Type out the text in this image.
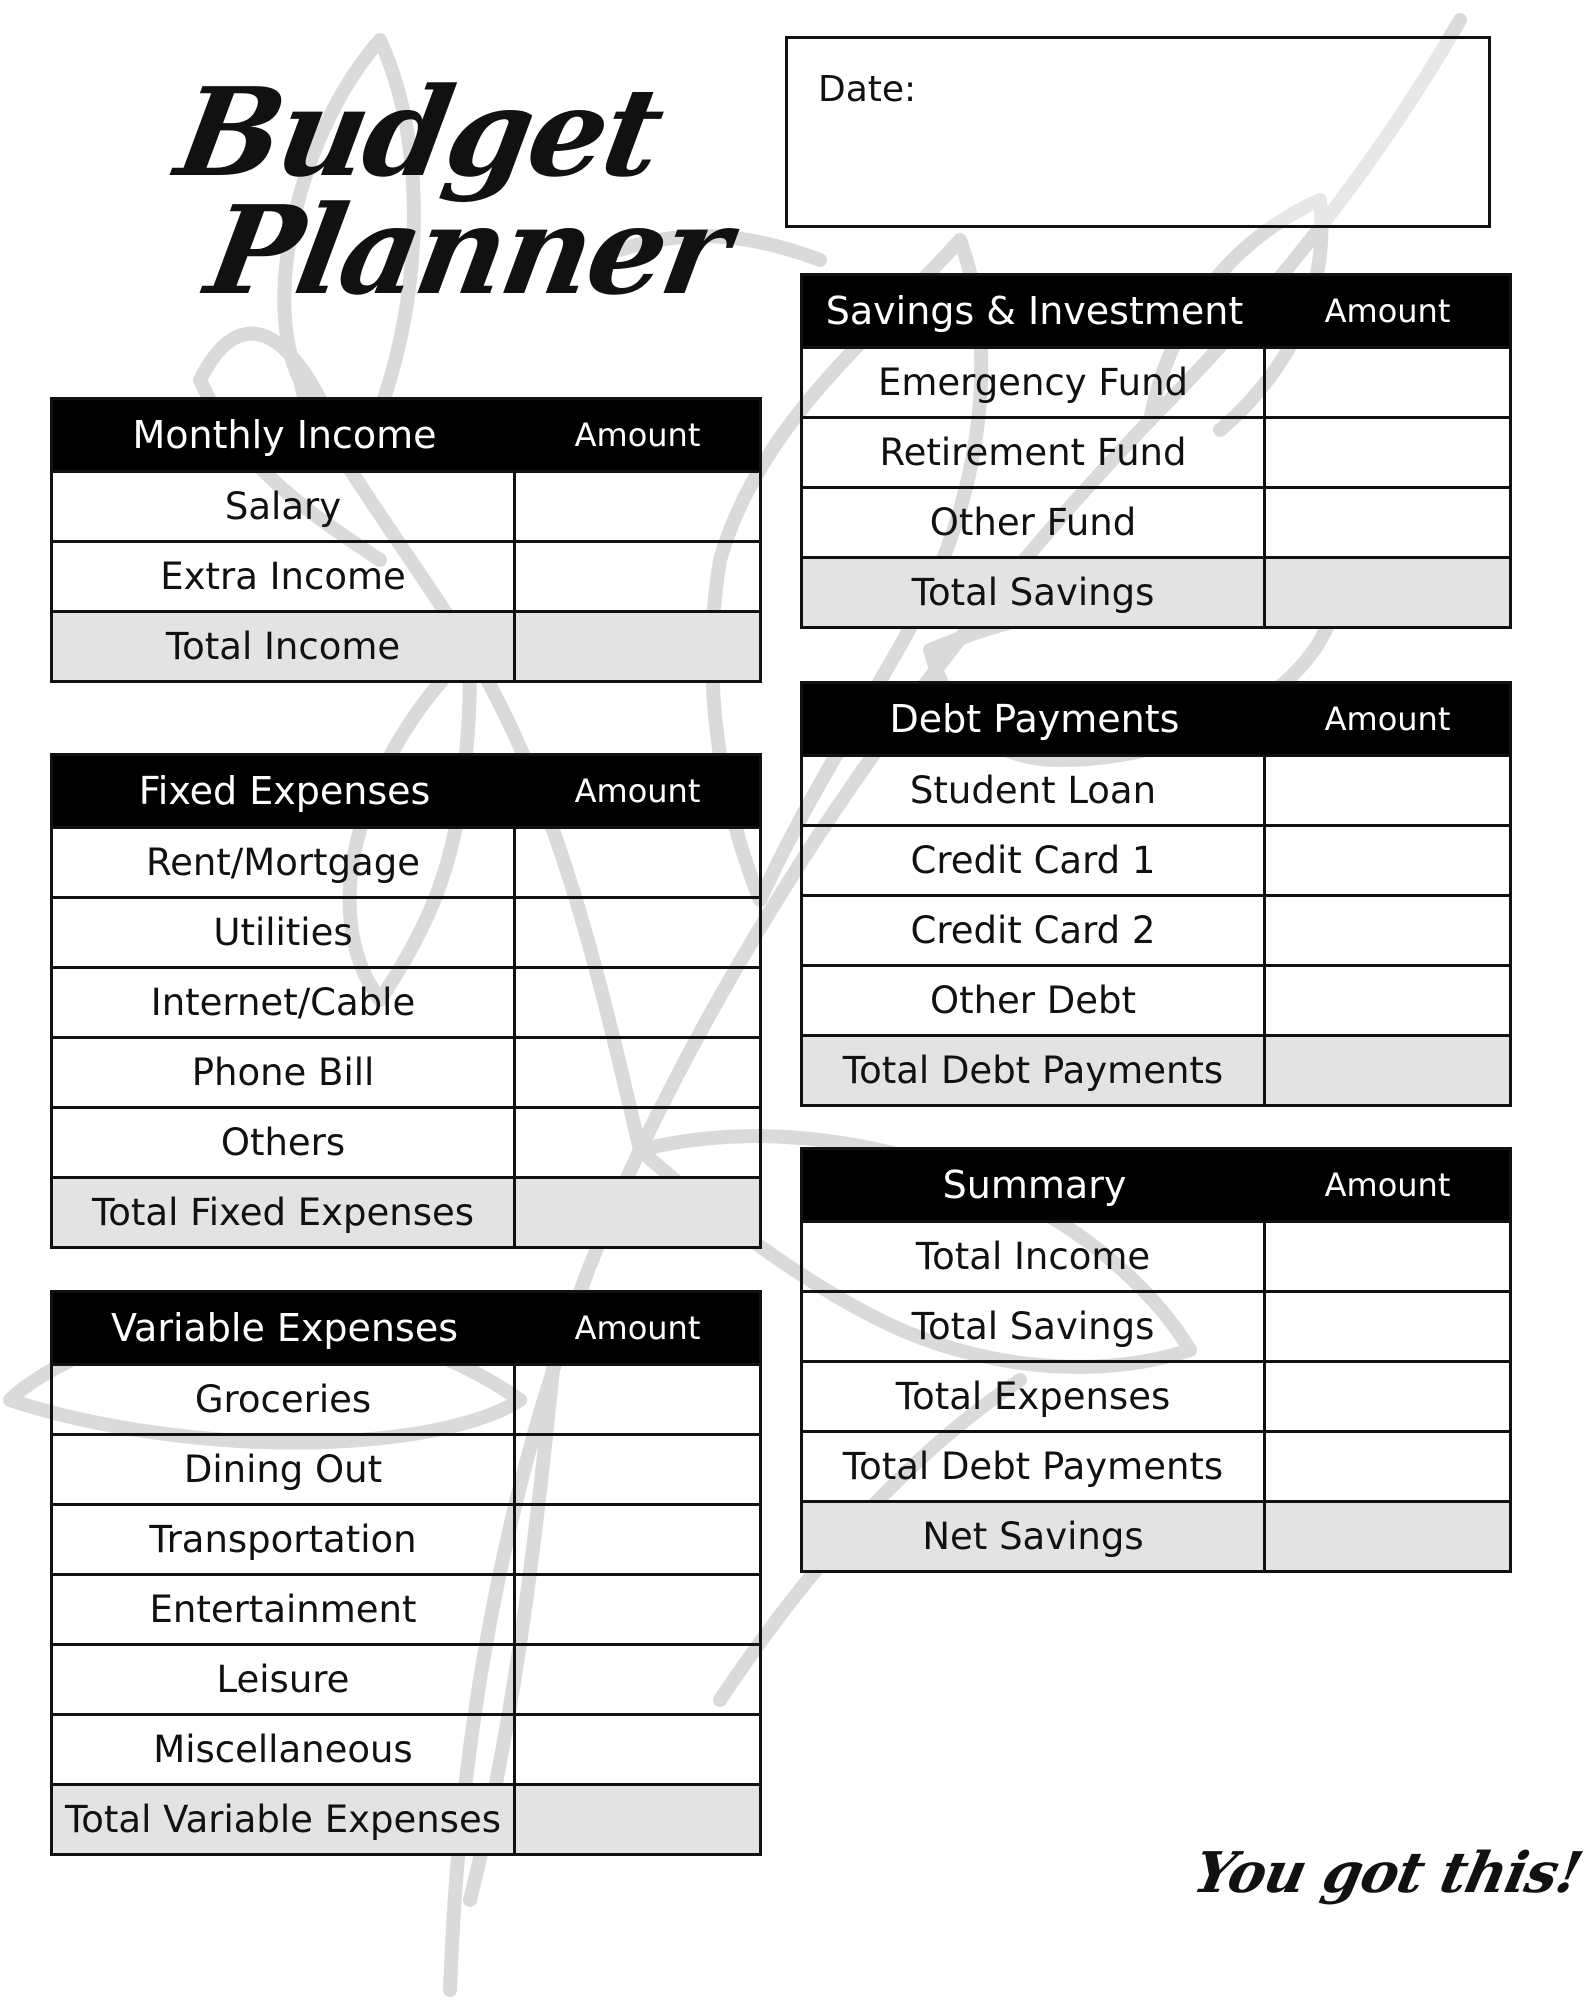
Budget
Planner
Date:
Monthly Income	Amount
Salary
Extra Income
Total Income
Fixed Expenses	Amount
Rent/Mortgage
Utilities
Internet/Cable
Phone Bill
Others
Total Fixed Expenses
Variable Expenses	Amount
Groceries
Dining Out
Transportation
Entertainment
Leisure
Miscellaneous
Total Variable Expenses
Savings & Investment	Amount
Emergency Fund
Retirement Fund
Other Fund
Total Savings
Debt Payments	Amount
Student Loan
Credit Card 1
Credit Card 2
Other Debt
Total Debt Payments
Summary	Amount
Total Income
Total Savings
Total Expenses
Total Debt Payments
Net Savings
You got this!
